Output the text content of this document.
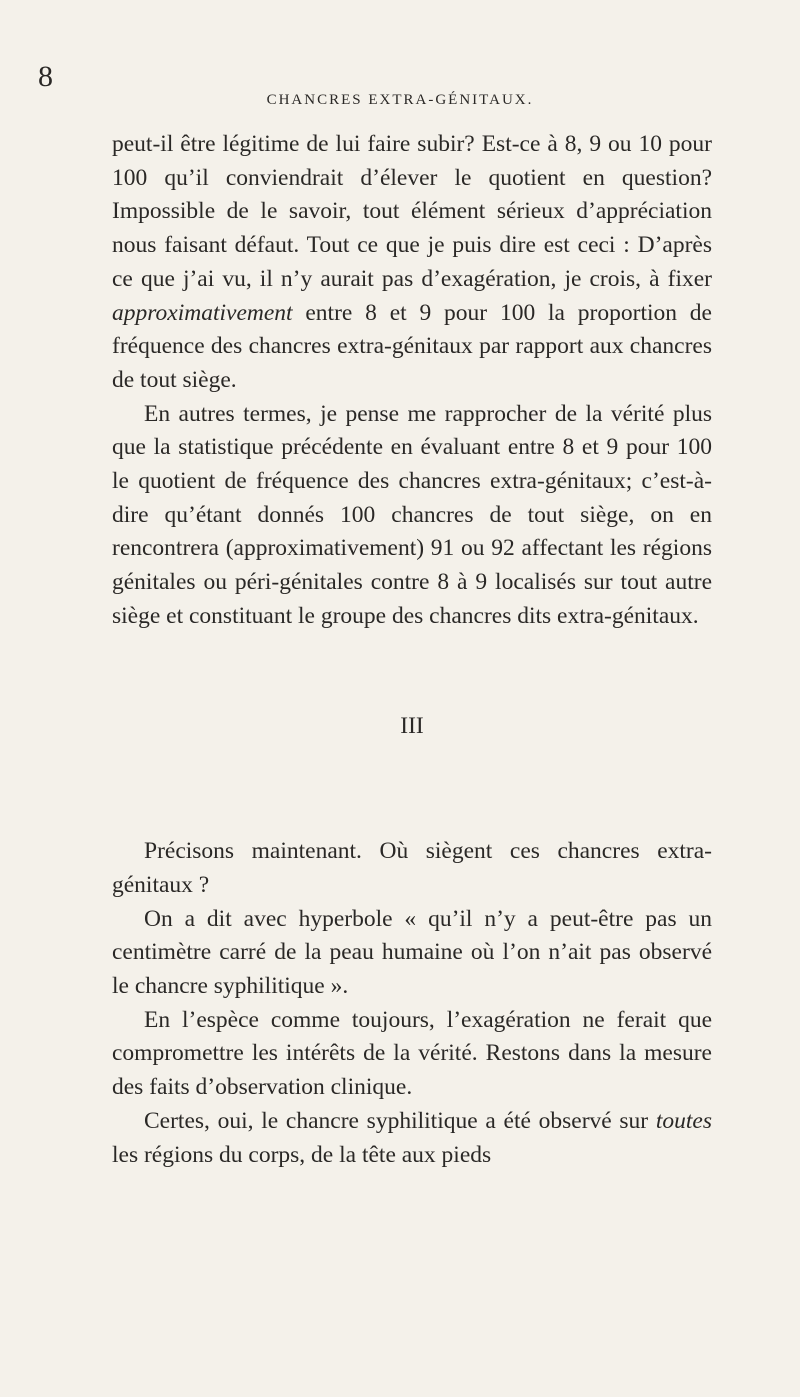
8
CHANCRES EXTRA-GÉNITAUX.

peut-il être légitime de lui faire subir? Est-ce à 8, 9 ou 10 pour 100 qu’il conviendrait d’élever le quotient en question? Impossible de le savoir, tout élément sérieux d’appréciation nous faisant défaut. Tout ce que je puis dire est ceci : D’après ce que j’ai vu, il n’y aurait pas d’exagération, je crois, à fixer approximativement entre 8 et 9 pour 100 la proportion de fréquence des chancres extra-génitaux par rapport aux chancres de tout siège.

En autres termes, je pense me rapprocher de la vérité plus que la statistique précédente en évaluant entre 8 et 9 pour 100 le quotient de fréquence des chancres extra-génitaux; c’est-à-dire qu’étant donnés 100 chancres de tout siège, on en rencontrera (approximativement) 91 ou 92 affectant les régions génitales ou péri-génitales contre 8 à 9 localisés sur tout autre siège et constituant le groupe des chancres dits extra-génitaux.

III

Précisons maintenant. Où siègent ces chancres extra-génitaux ?

On a dit avec hyperbole « qu’il n’y a peut-être pas un centimètre carré de la peau humaine où l’on n’ait pas observé le chancre syphilitique ».

En l’espèce comme toujours, l’exagération ne ferait que compromettre les intérêts de la vérité. Restons dans la mesure des faits d’observation clinique.

Certes, oui, le chancre syphilitique a été observé sur toutes les régions du corps, de la tête aux pieds
